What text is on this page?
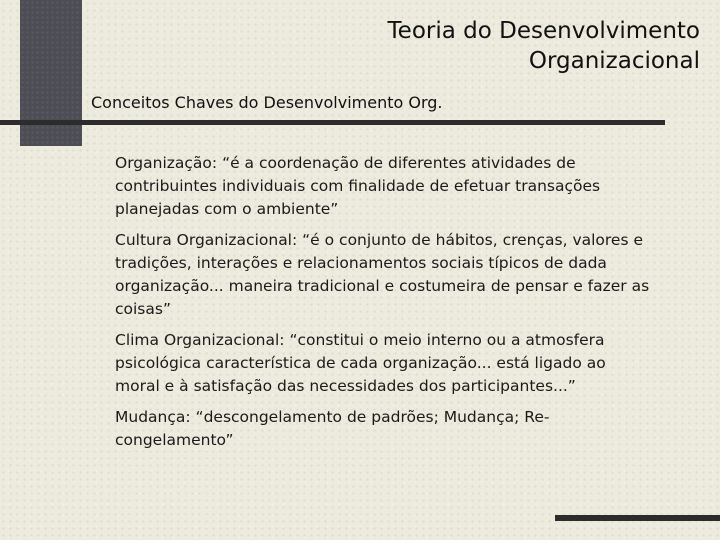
Teoria do Desenvolvimento
Organizacional
Conceitos Chaves do Desenvolvimento Org.
Organização: “é a coordenação de diferentes atividades de contribuintes individuais com finalidade de efetuar transações planejadas com o ambiente”
Cultura Organizacional: “é o conjunto de hábitos, crenças, valores e tradições, interações e relacionamentos sociais típicos de dada organização... maneira tradicional e costumeira de pensar e fazer as coisas”
Clima Organizacional: “constitui o meio interno ou a atmosfera psicológica característica de cada organização... está ligado ao moral e à satisfação das necessidades dos participantes...”
Mudança: “descongelamento de padrões; Mudança; Re-congelamento”
